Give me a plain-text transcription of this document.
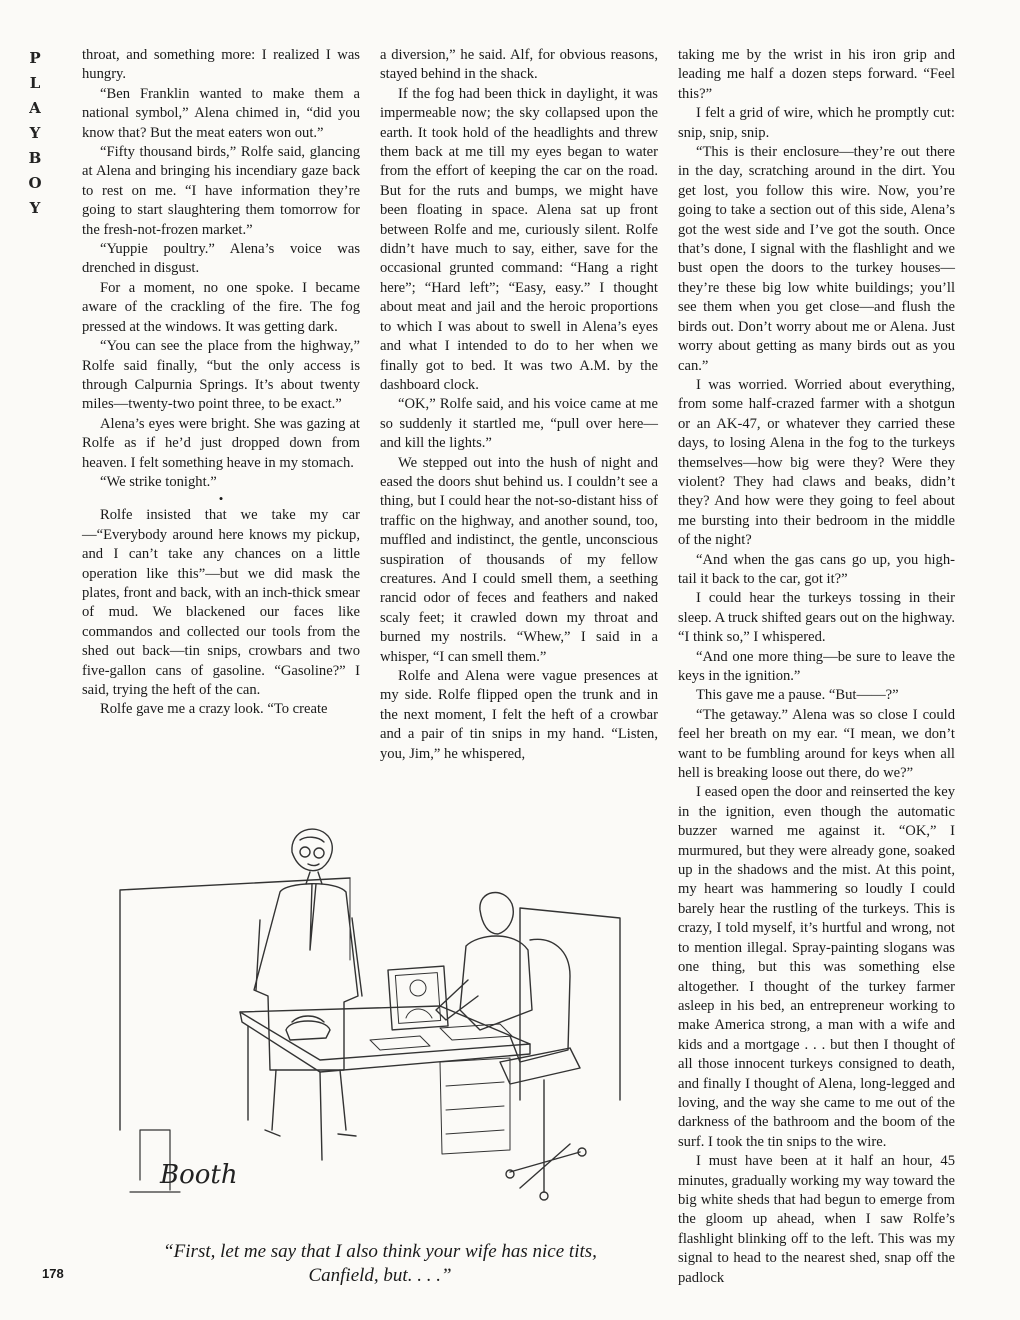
P
L
A
Y
B
O
Y

throat, and something more: I realized I was hungry.

“Ben Franklin wanted to make them a national symbol,” Alena chimed in, “did you know that? But the meat eaters won out.”

“Fifty thousand birds,” Rolfe said, glancing at Alena and bringing his incendiary gaze back to rest on me. “I have information they’re going to start slaughtering them tomorrow for the fresh-not-frozen market.”

“Yuppie poultry.” Alena’s voice was drenched in disgust.

For a moment, no one spoke. I became aware of the crackling of the fire. The fog pressed at the windows. It was getting dark.

“You can see the place from the highway,” Rolfe said finally, “but the only access is through Calpurnia Springs. It’s about twenty miles—twenty-two point three, to be exact.”

Alena’s eyes were bright. She was gazing at Rolfe as if he’d just dropped down from heaven. I felt something heave in my stomach.

“We strike tonight.”

•

Rolfe insisted that we take my car—“Everybody around here knows my pickup, and I can’t take any chances on a little operation like this”—but we did mask the plates, front and back, with an inch-thick smear of mud. We blackened our faces like commandos and collected our tools from the shed out back—tin snips, crowbars and two five-gallon cans of gasoline. “Gasoline?” I said, trying the heft of the can.

Rolfe gave me a crazy look. “To create

a diversion,” he said. Alf, for obvious reasons, stayed behind in the shack.

If the fog had been thick in daylight, it was impermeable now; the sky collapsed upon the earth. It took hold of the headlights and threw them back at me till my eyes began to water from the effort of keeping the car on the road. But for the ruts and bumps, we might have been floating in space. Alena sat up front between Rolfe and me, curiously silent. Rolfe didn’t have much to say, either, save for the occasional grunted command: “Hang a right here”; “Hard left”; “Easy, easy.” I thought about meat and jail and the heroic proportions to which I was about to swell in Alena’s eyes and what I intended to do to her when we finally got to bed. It was two A.M. by the dashboard clock.

“OK,” Rolfe said, and his voice came at me so suddenly it startled me, “pull over here—and kill the lights.”

We stepped out into the hush of night and eased the doors shut behind us. I couldn’t see a thing, but I could hear the not-so-distant hiss of traffic on the highway, and another sound, too, muffled and indistinct, the gentle, unconscious suspiration of thousands of my fellow creatures. And I could smell them, a seething rancid odor of feces and feathers and naked scaly feet; it crawled down my throat and burned my nostrils. “Whew,” I said in a whisper, “I can smell them.”

Rolfe and Alena were vague presences at my side. Rolfe flipped open the trunk and in the next moment, I felt the heft of a crowbar and a pair of tin snips in my hand. “Listen, you, Jim,” he whispered,

taking me by the wrist in his iron grip and leading me half a dozen steps forward. “Feel this?”

I felt a grid of wire, which he promptly cut: snip, snip, snip.

“This is their enclosure—they’re out there in the day, scratching around in the dirt. You get lost, you follow this wire. Now, you’re going to take a section out of this side, Alena’s got the west side and I’ve got the south. Once that’s done, I signal with the flashlight and we bust open the doors to the turkey houses—they’re these big low white buildings; you’ll see them when you get close—and flush the birds out. Don’t worry about me or Alena. Just worry about getting as many birds out as you can.”

I was worried. Worried about everything, from some half-crazed farmer with a shotgun or an AK-47, or whatever they carried these days, to losing Alena in the fog to the turkeys themselves—how big were they? Were they violent? They had claws and beaks, didn’t they? And how were they going to feel about me bursting into their bedroom in the middle of the night?

“And when the gas cans go up, you high-tail it back to the car, got it?”

I could hear the turkeys tossing in their sleep. A truck shifted gears out on the highway. “I think so,” I whispered.

“And one more thing—be sure to leave the keys in the ignition.”

This gave me a pause. “But——?”

“The getaway.” Alena was so close I could feel her breath on my ear. “I mean, we don’t want to be fumbling around for keys when all hell is breaking loose out there, do we?”

I eased open the door and reinserted the key in the ignition, even though the automatic buzzer warned me against it. “OK,” I murmured, but they were already gone, soaked up in the shadows and the mist. At this point, my heart was hammering so loudly I could barely hear the rustling of the turkeys. This is crazy, I told myself, it’s hurtful and wrong, not to mention illegal. Spray-painting slogans was one thing, but this was something else altogether. I thought of the turkey farmer asleep in his bed, an entrepreneur working to make America strong, a man with a wife and kids and a mortgage . . . but then I thought of all those innocent turkeys consigned to death, and finally I thought of Alena, long-legged and loving, and the way she came to me out of the darkness of the bathroom and the boom of the surf. I took the tin snips to the wire.

I must have been at it half an hour, 45 minutes, gradually working my way toward the big white sheds that had begun to emerge from the gloom up ahead, when I saw Rolfe’s flashlight blinking off to the left. This was my signal to head to the nearest shed, snap off the padlock

Booth
“First, let me say that I also think your wife has nice tits, Canfield, but. . . .”
178
